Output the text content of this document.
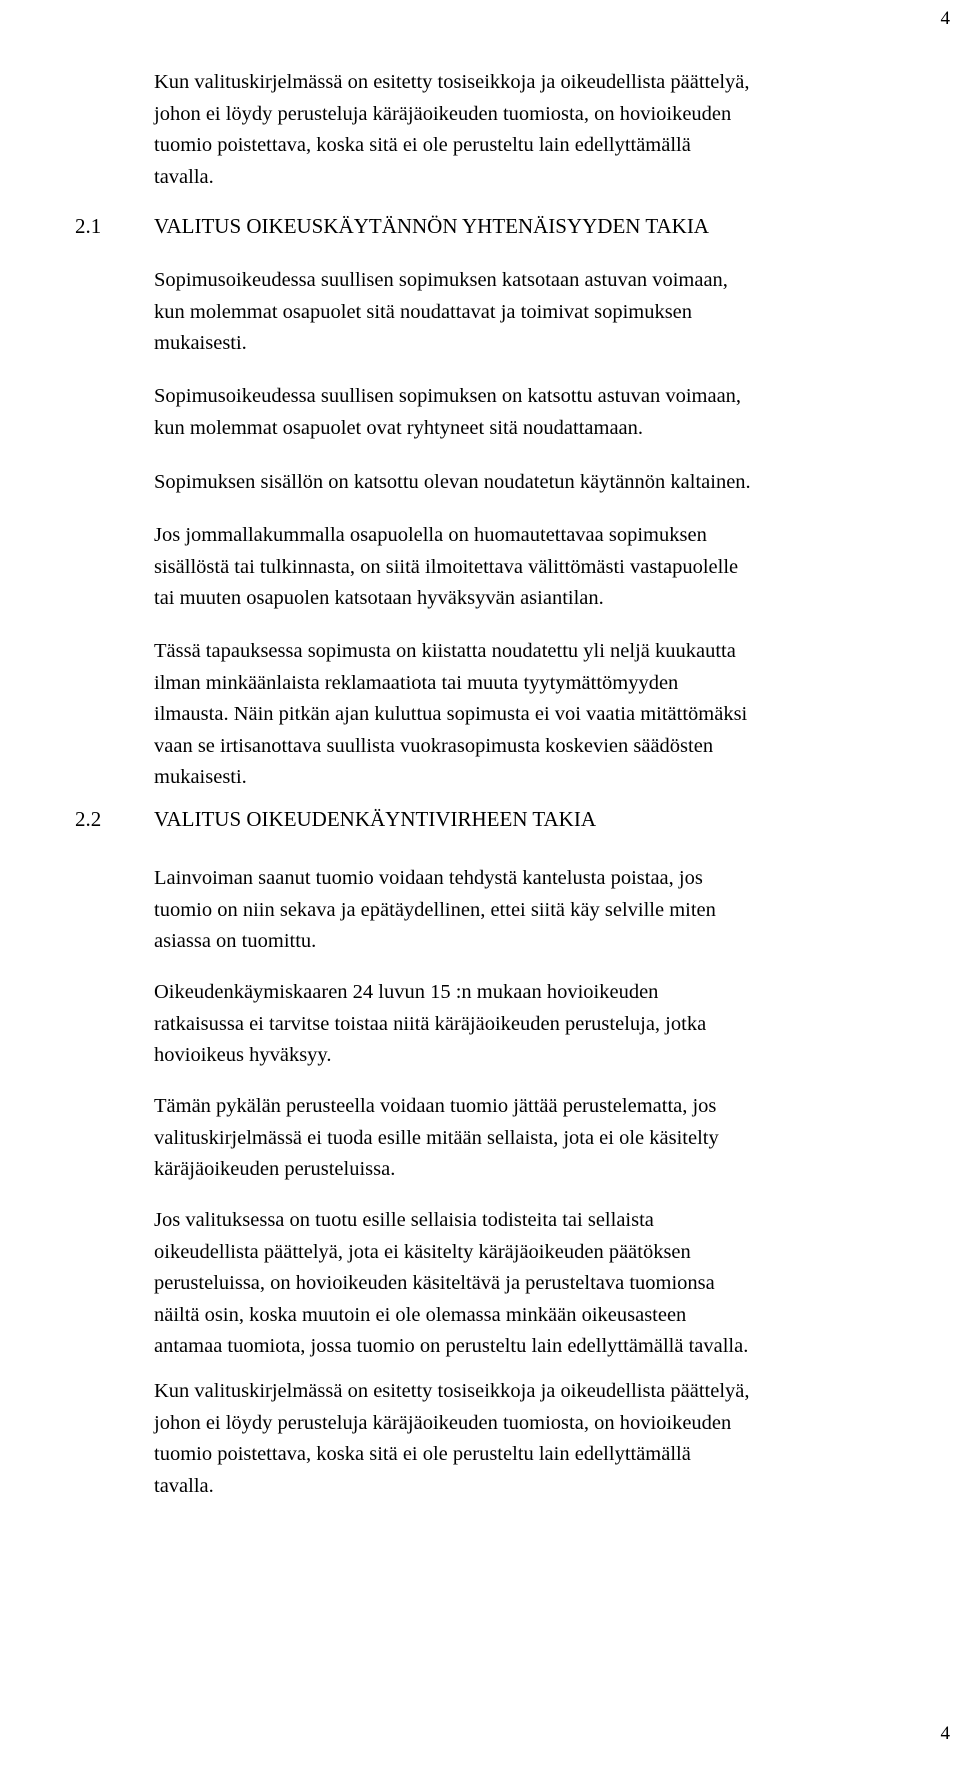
4
Kun valituskirjelmässä on esitetty tosiseikkoja ja oikeudellista päättelyä,
johon ei löydy perusteluja käräjäoikeuden tuomiosta, on hovioikeuden
tuomio poistettava, koska sitä ei ole perusteltu lain edellyttämällä
tavalla.
2.1	VALITUS OIKEUSKÄYTÄNNÖN YHTENÄISYYDEN TAKIA
Sopimusoikeudessa suullisen sopimuksen katsotaan astuvan voimaan,
kun molemmat osapuolet sitä noudattavat ja toimivat sopimuksen
mukaisesti.
Sopimusoikeudessa suullisen sopimuksen on katsottu astuvan voimaan,
kun molemmat osapuolet ovat ryhtyneet sitä noudattamaan.
Sopimuksen sisällön on katsottu olevan noudatetun käytännön kaltainen.
Jos jommallakummalla osapuolella on huomautettavaa sopimuksen
sisällöstä tai tulkinnasta, on siitä ilmoitettava välittömästi vastapuolelle
tai muuten osapuolen katsotaan hyväksyvän asiantilan.
Tässä tapauksessa sopimusta on kiistatta noudatettu yli neljä kuukautta
ilman minkäänlaista reklamaatiota tai muuta tyytymättömyyden
ilmausta. Näin pitkän ajan kuluttua sopimusta ei voi vaatia mitättömäksi
vaan se irtisanottava suullista vuokrasopimusta koskevien säädösten
mukaisesti.
2.2	VALITUS OIKEUDENKÄYNTIVIRHEEN TAKIA
Lainvoiman saanut tuomio voidaan tehdystä kantelusta poistaa, jos
tuomio on niin sekava ja epätäydellinen, ettei siitä käy selville miten
asiassa on tuomittu.
Oikeudenkäymiskaaren 24 luvun 15 :n mukaan hovioikeuden
ratkaisussa ei tarvitse toistaa niitä käräjäoikeuden perusteluja, jotka
hovioikeus hyväksyy.
Tämän pykälän perusteella voidaan tuomio jättää perustelematta, jos
valituskirjelmässä ei tuoda esille mitään sellaista, jota ei ole käsitelty
käräjäoikeuden perusteluissa.
Jos valituksessa on tuotu esille sellaisia todisteita tai sellaista
oikeudellista päättelyä, jota ei käsitelty käräjäoikeuden päätöksen
perusteluissa, on hovioikeuden käsiteltävä ja perusteltava tuomionsa
näiltä osin, koska muutoin ei ole olemassa minkään oikeusasteen
antamaa tuomiota, jossa tuomio on perusteltu lain edellyttämällä tavalla.
Kun valituskirjelmässä on esitetty tosiseikkoja ja oikeudellista päättelyä,
johon ei löydy perusteluja käräjäoikeuden tuomiosta, on hovioikeuden
tuomio poistettava, koska sitä ei ole perusteltu lain edellyttämällä
tavalla.
4
